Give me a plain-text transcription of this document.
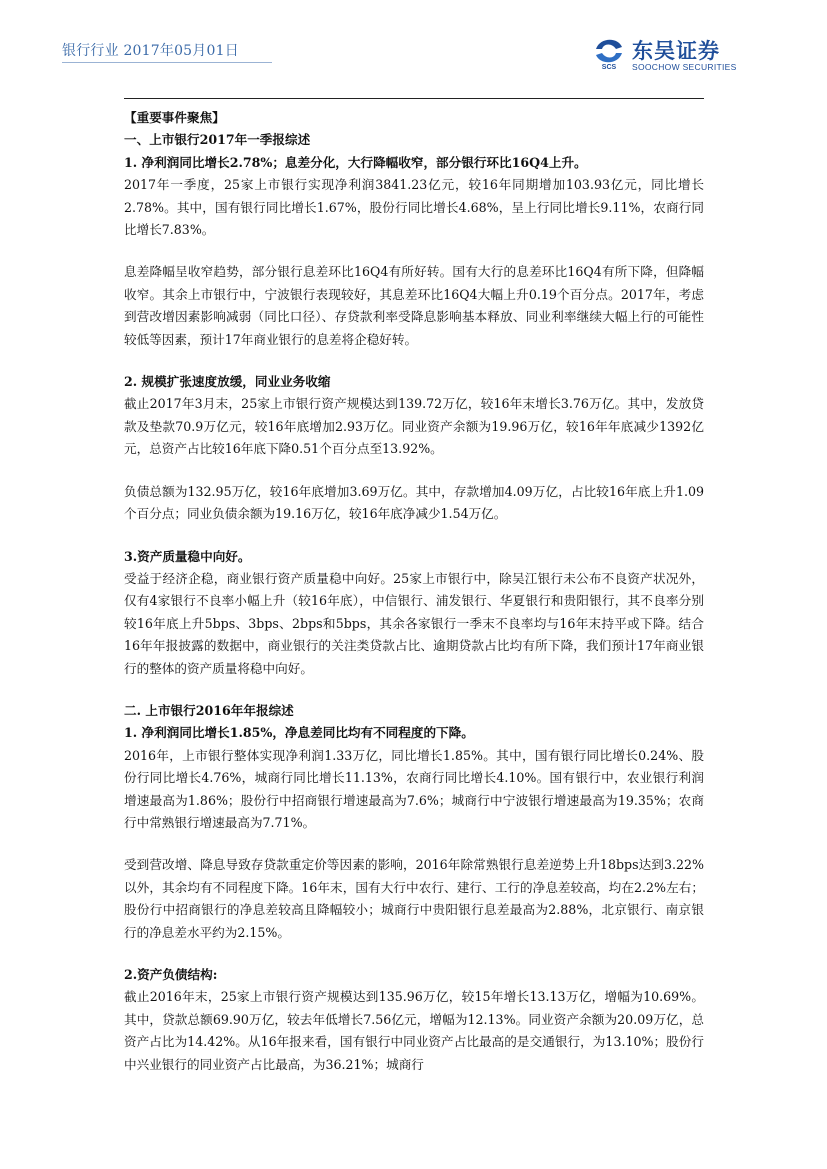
银行行业 2017年05月01日
SCS
东吴证券
SOOCHOW SECURITIES

【重要事件聚焦】

一、上市银行2017年一季报综述

1. 净利润同比增长2.78%；息差分化，大行降幅收窄，部分银行环比16Q4上升。

2017年一季度，25家上市银行实现净利润3841.23亿元，较16年同期增加103.93亿元，同比增长2.78%。其中，国有银行同比增长1.67%，股份行同比增长4.68%，呈上行同比增长9.11%，农商行同比增长7.83%。

息差降幅呈收窄趋势，部分银行息差环比16Q4有所好转。国有大行的息差环比16Q4有所下降，但降幅收窄。其余上市银行中，宁波银行表现较好，其息差环比16Q4大幅上升0.19个百分点。2017年，考虑到营改增因素影响减弱（同比口径）、存贷款利率受降息影响基本释放、同业利率继续大幅上行的可能性较低等因素，预计17年商业银行的息差将企稳好转。

2. 规模扩张速度放缓，同业业务收缩

截止2017年3月末，25家上市银行资产规模达到139.72万亿，较16年末增长3.76万亿。其中，发放贷款及垫款70.9万亿元，较16年底增加2.93万亿。同业资产余额为19.96万亿，较16年年底减少1392亿元，总资产占比较16年底下降0.51个百分点至13.92%。

负债总额为132.95万亿，较16年底增加3.69万亿。其中，存款增加4.09万亿，占比较16年底上升1.09个百分点；同业负债余额为19.16万亿，较16年底净减少1.54万亿。

3.资产质量稳中向好。

受益于经济企稳，商业银行资产质量稳中向好。25家上市银行中，除吴江银行未公布不良资产状况外，仅有4家银行不良率小幅上升（较16年底），中信银行、浦发银行、华夏银行和贵阳银行，其不良率分别较16年底上升5bps、3bps、2bps和5bps，其余各家银行一季末不良率均与16年末持平或下降。结合16年年报披露的数据中，商业银行的关注类贷款占比、逾期贷款占比均有所下降，我们预计17年商业银行的整体的资产质量将稳中向好。

二. 上市银行2016年年报综述

1. 净利润同比增长1.85%，净息差同比均有不同程度的下降。

2016年，上市银行整体实现净利润1.33万亿，同比增长1.85%。其中，国有银行同比增长0.24%、股份行同比增长4.76%，城商行同比增长11.13%，农商行同比增长4.10%。国有银行中，农业银行利润增速最高为1.86%；股份行中招商银行增速最高为7.6%；城商行中宁波银行增速最高为19.35%；农商行中常熟银行增速最高为7.71%。

受到营改增、降息导致存贷款重定价等因素的影响，2016年除常熟银行息差逆势上升18bps达到3.22%以外，其余均有不同程度下降。16年末，国有大行中农行、建行、工行的净息差较高，均在2.2%左右；股份行中招商银行的净息差较高且降幅较小；城商行中贵阳银行息差最高为2.88%，北京银行、南京银行的净息差水平约为2.15%。

2.资产负债结构:

截止2016年末，25家上市银行资产规模达到135.96万亿，较15年增长13.13万亿，增幅为10.69%。其中，贷款总额69.90万亿，较去年低增长7.56亿元，增幅为12.13%。同业资产余额为20.09万亿，总资产占比为14.42%。从16年报来看，国有银行中同业资产占比最高的是交通银行，为13.10%；股份行中兴业银行的同业资产占比最高，为36.21%；城商行
